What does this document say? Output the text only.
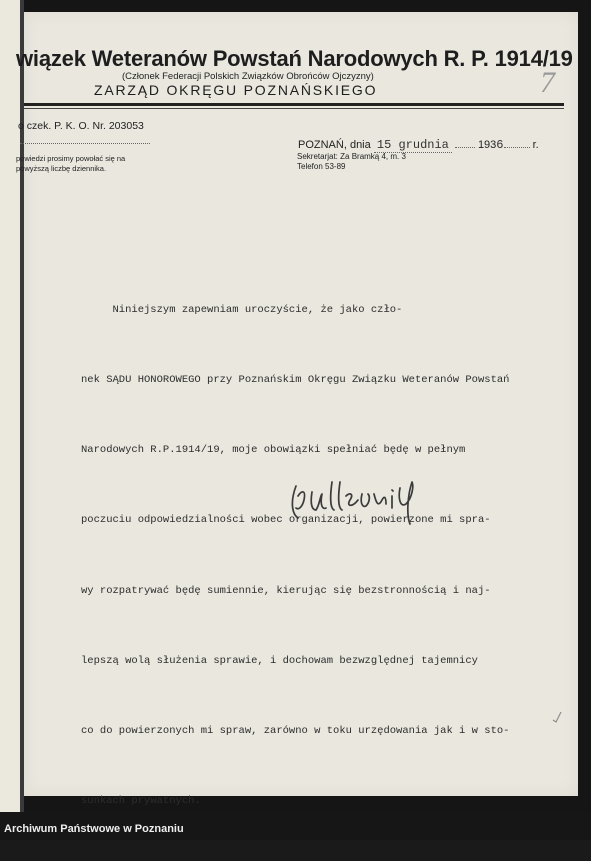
wiązek Weteranów Powstań Narodowych R. P. 1914/19
(Członek Federacji Polskich Związków Obrońców Ojczyzny)
ZARZĄD OKRĘGU POZNAŃSKIEGO	7
o czek. P. K. O. Nr. 203053
powiedzi prosimy powołać się na
powyższą liczbę dziennika.
POZNAŃ, dnia 15 grudnia	1936	r.
Sekretarjat: Za Bramką 4, m. 3
Telefon 53-89

Niniejszym zapewniam uroczyście, że jako czło-

nek SĄDU HONOROWEGO przy Poznańskim Okręgu Związku Weteranów Powstań

Narodowych R.P.1914/19, moje obowiązki spełniać będę w pełnym

poczuciu odpowiedzialności wobec organizacji, powierzone mi spra-

wy rozpatrywać będę sumiennie, kierując się bezstronnością i naj-

lepszą wolą służenia sprawie, i dochowam bezwzględnej tajemnicy

co do powierzonych mi spraw, zarówno w toku urzędowania jak i w sto-

sunkach prywatnych.

Archiwum Państwowe w Poznaniu
